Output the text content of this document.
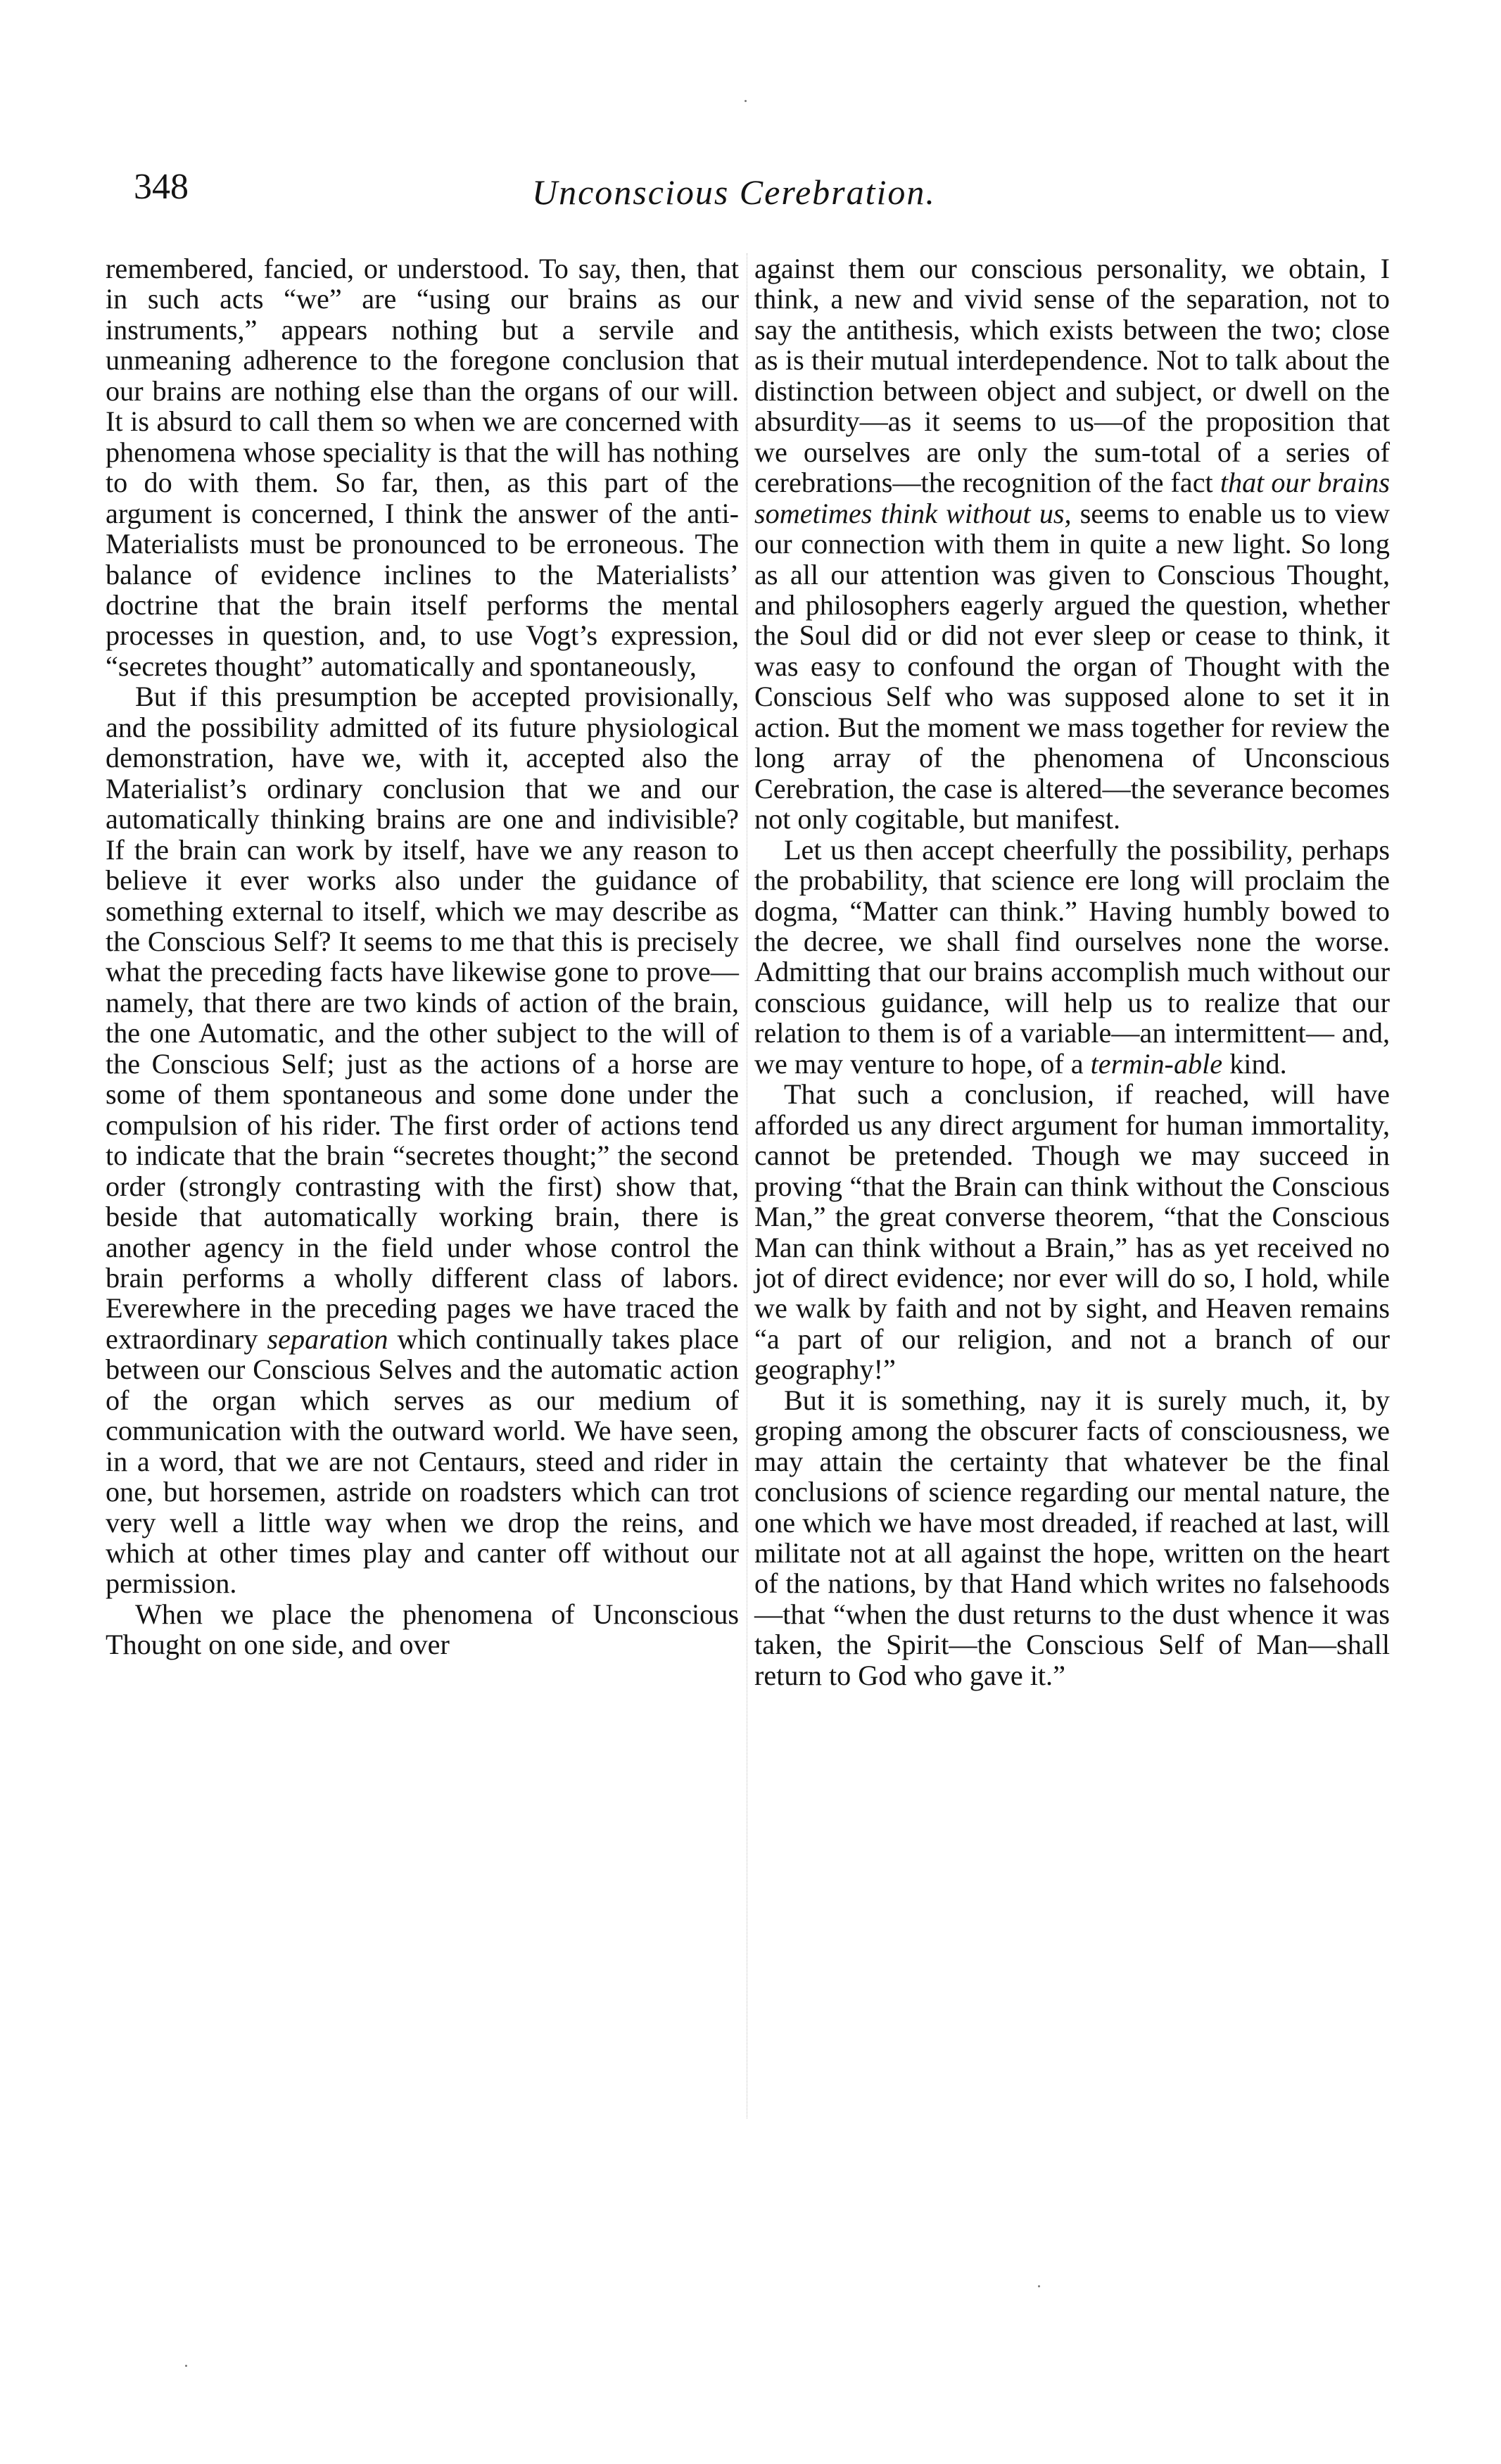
348	Unconscious Cerebration.

remembered, fancied, or understood. To say, then, that in such acts “we” are “using our brains as our instruments,” appears nothing but a servile and unmeaning adherence to the foregone conclusion that our brains are nothing else than the organs of our will. It is absurd to call them so when we are concerned with phenomena whose speciality is that the will has nothing to do with them. So far, then, as this part of the argument is concerned, I think the answer of the anti-Materialists must be pronounced to be erroneous. The balance of evidence inclines to the Materialists’ doctrine that the brain itself performs the mental processes in question, and, to use Vogt’s expression, “secretes thought” automatically and spontaneously,

But if this presumption be accepted provisionally, and the possibility admitted of its future physiological demonstration, have we, with it, accepted also the Materialist’s ordinary conclusion that we and our automatically thinking brains are one and indivisible? If the brain can work by itself, have we any reason to believe it ever works also under the guidance of something external to itself, which we may describe as the Conscious Self? It seems to me that this is precisely what the preceding facts have likewise gone to prove—namely, that there are two kinds of action of the brain, the one Automatic, and the other subject to the will of the Conscious Self; just as the actions of a horse are some of them spontaneous and some done under the compulsion of his rider. The first order of actions tend to indicate that the brain “secretes thought;” the second order (strongly contrasting with the first) show that, beside that automatically working brain, there is another agency in the field under whose control the brain performs a wholly different class of labors. Everewhere in the preceding pages we have traced the extraordinary separation which continually takes place between our Conscious Selves and the automatic action of the organ which serves as our medium of communication with the outward world. We have seen, in a word, that we are not Centaurs, steed and rider in one, but horsemen, astride on roadsters which can trot very well a little way when we drop the reins, and which at other times play and canter off without our permission.

When we place the phenomena of Unconscious Thought on one side, and over

against them our conscious personality, we obtain, I think, a new and vivid sense of the separation, not to say the antithesis, which exists between the two; close as is their mutual interdependence. Not to talk about the distinction between object and subject, or dwell on the absurdity—as it seems to us—of the proposition that we ourselves are only the sum-total of a series of cerebrations—the recognition of the fact that our brains sometimes think without us, seems to enable us to view our connection with them in quite a new light. So long as all our attention was given to Conscious Thought, and philosophers eagerly argued the question, whether the Soul did or did not ever sleep or cease to think, it was easy to confound the organ of Thought with the Conscious Self who was supposed alone to set it in action. But the moment we mass together for review the long array of the phenomena of Unconscious Cerebration, the case is altered—the severance becomes not only cogitable, but manifest.

Let us then accept cheerfully the possibility, perhaps the probability, that science ere long will proclaim the dogma, “Matter can think.” Having humbly bowed to the decree, we shall find ourselves none the worse. Admitting that our brains accomplish much without our conscious guidance, will help us to realize that our relation to them is of a variable—an intermittent— and, we may venture to hope, of a termin-able kind.

That such a conclusion, if reached, will have afforded us any direct argument for human immortality, cannot be pretended. Though we may succeed in proving “that the Brain can think without the Conscious Man,” the great converse theorem, “that the Conscious Man can think without a Brain,” has as yet received no jot of direct evidence; nor ever will do so, I hold, while we walk by faith and not by sight, and Heaven remains “a part of our religion, and not a branch of our geography!”

But it is something, nay it is surely much, it, by groping among the obscurer facts of consciousness, we may attain the certainty that whatever be the final conclusions of science regarding our mental nature, the one which we have most dreaded, if reached at last, will militate not at all against the hope, written on the heart of the nations, by that Hand which writes no falsehoods—that “when the dust returns to the dust whence it was taken, the Spirit—the Conscious Self of Man—shall return to God who gave it.”
